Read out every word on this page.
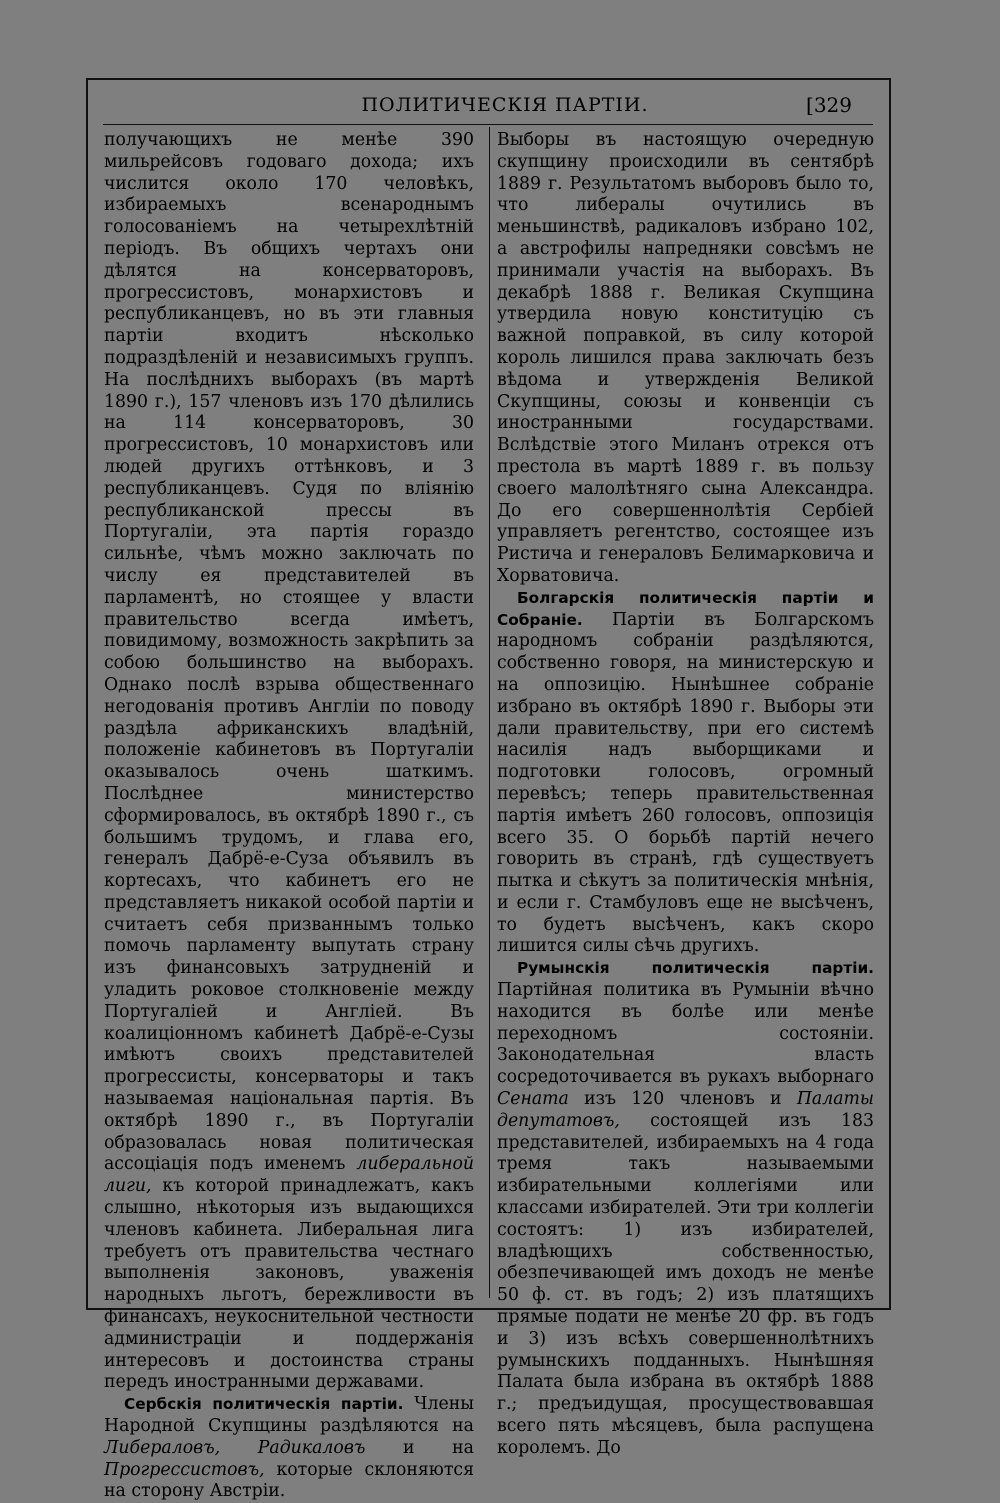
ПОЛИТИЧЕСКІЯ ПАРТІИ.	[329

получающихъ не менѣе 390 мильрейсовъ годоваго дохода; ихъ числится около 170 человѣкъ, избираемыхъ всенароднымъ голосованіемъ на четырехлѣтній періодъ. Въ общихъ чертахъ они дѣлятся на консерваторовъ, прогрессистовъ, монархистовъ и республиканцевъ, но въ эти главныя партіи входитъ нѣсколько подраздѣленій и независимыхъ группъ. На послѣднихъ выборахъ (въ мартѣ 1890 г.), 157 членовъ изъ 170 дѣлились на 114 консерваторовъ, 30 прогрессистовъ, 10 монархистовъ или людей другихъ оттѣнковъ, и 3 республиканцевъ. Судя по вліянію республиканской прессы въ Португаліи, эта партія гораздо сильнѣе, чѣмъ можно заключать по числу ея представителей въ парламентѣ, но стоящее у власти правительство всегда имѣетъ, повидимому, возможность закрѣпить за собою большинство на выборахъ. Однако послѣ взрыва общественнаго негодованія противъ Англіи по поводу раздѣла африканскихъ владѣній, положеніе кабинетовъ въ Португаліи оказывалось очень шаткимъ. Послѣднее министерство сформировалось, въ октябрѣ 1890 г., съ большимъ трудомъ, и глава его, генералъ Дабрё-е-Суза объявилъ въ кортесахъ, что кабинетъ его не представляетъ никакой особой партіи и считаетъ себя призваннымъ только помочь парламенту выпутать страну изъ финансовыхъ затрудненій и уладить роковое столкновеніе между Португаліей и Англіей. Въ коалиціонномъ кабинетѣ Дабрё-е-Сузы имѣютъ своихъ представителей прогрессисты, консерваторы и такъ называемая національная партія. Въ октябрѣ 1890 г., въ Португаліи образовалась новая политическая ассоціація подъ именемъ либеральной лиги, къ которой принадлежатъ, какъ слышно, нѣкоторыя изъ выдающихся членовъ кабинета. Либеральная лига требуетъ отъ правительства честнаго выполненія законовъ, уваженія народныхъ льготъ, бережливости въ финансахъ, неукоснительной честности администраціи и поддержанія интересовъ и достоинства страны передъ иностранными державами.

Сербскія политическія партіи. Члены Народной Скупщины раздѣляются на Либераловъ, Радикаловъ и на Прогрессистовъ, которые склоняются на сторону Австріи.

Выборы въ настоящую очередную скупщину происходили въ сентябрѣ 1889 г. Результатомъ выборовъ было то, что либералы очутились въ меньшинствѣ, радикаловъ избрано 102, а австрофилы напредняки совсѣмъ не принимали участія на выборахъ. Въ декабрѣ 1888 г. Великая Скупщина утвердила новую конституцію съ важной поправкой, въ силу которой король лишился права заключать безъ вѣдома и утвержденія Великой Скупщины, союзы и конвенціи съ иностранными государствами. Вслѣдствіе этого Миланъ отрекся отъ престола въ мартѣ 1889 г. въ пользу своего малолѣтняго сына Александра. До его совершеннолѣтія Сербіей управляетъ регентство, состоящее изъ Ристича и генераловъ Белимарковича и Хорватовича.

Болгарскія политическія партіи и Собраніе. Партіи въ Болгарскомъ народномъ собраніи раздѣляются, собственно говоря, на министерскую и на оппозицію. Нынѣшнее собраніе избрано въ октябрѣ 1890 г. Выборы эти дали правительству, при его системѣ насилія надъ выборщиками и подготовки голосовъ, огромный перевѣсъ; теперь правительственная партія имѣетъ 260 голосовъ, оппозиція всего 35. О борьбѣ партій нечего говорить въ странѣ, гдѣ существуетъ пытка и сѣкутъ за политическія мнѣнія, и если г. Стамбуловъ еще не высѣченъ, то будетъ высѣченъ, какъ скоро лишится силы сѣчь другихъ.

Румынскія политическія партіи. Партійная политика въ Румыніи вѣчно находится въ болѣе или менѣе переходномъ состояніи. Законодательная власть сосредоточивается въ рукахъ выборнаго Сената изъ 120 членовъ и Палаты депутатовъ, состоящей изъ 183 представителей, избираемыхъ на 4 года тремя такъ называемыми избирательными коллегіями или классами избирателей. Эти три коллегіи состоятъ: 1) изъ избирателей, владѣющихъ собственностью, обезпечивающей имъ доходъ не менѣе 50 ф. ст. въ годъ; 2) изъ платящихъ прямые подати не менѣе 20 фр. въ годъ и 3) изъ всѣхъ совершеннолѣтнихъ румынскихъ подданныхъ. Нынѣшняя Палата была избрана въ октябрѣ 1888 г.; предъидущая, просуществовавшая всего пять мѣсяцевъ, была распущена королемъ. До
